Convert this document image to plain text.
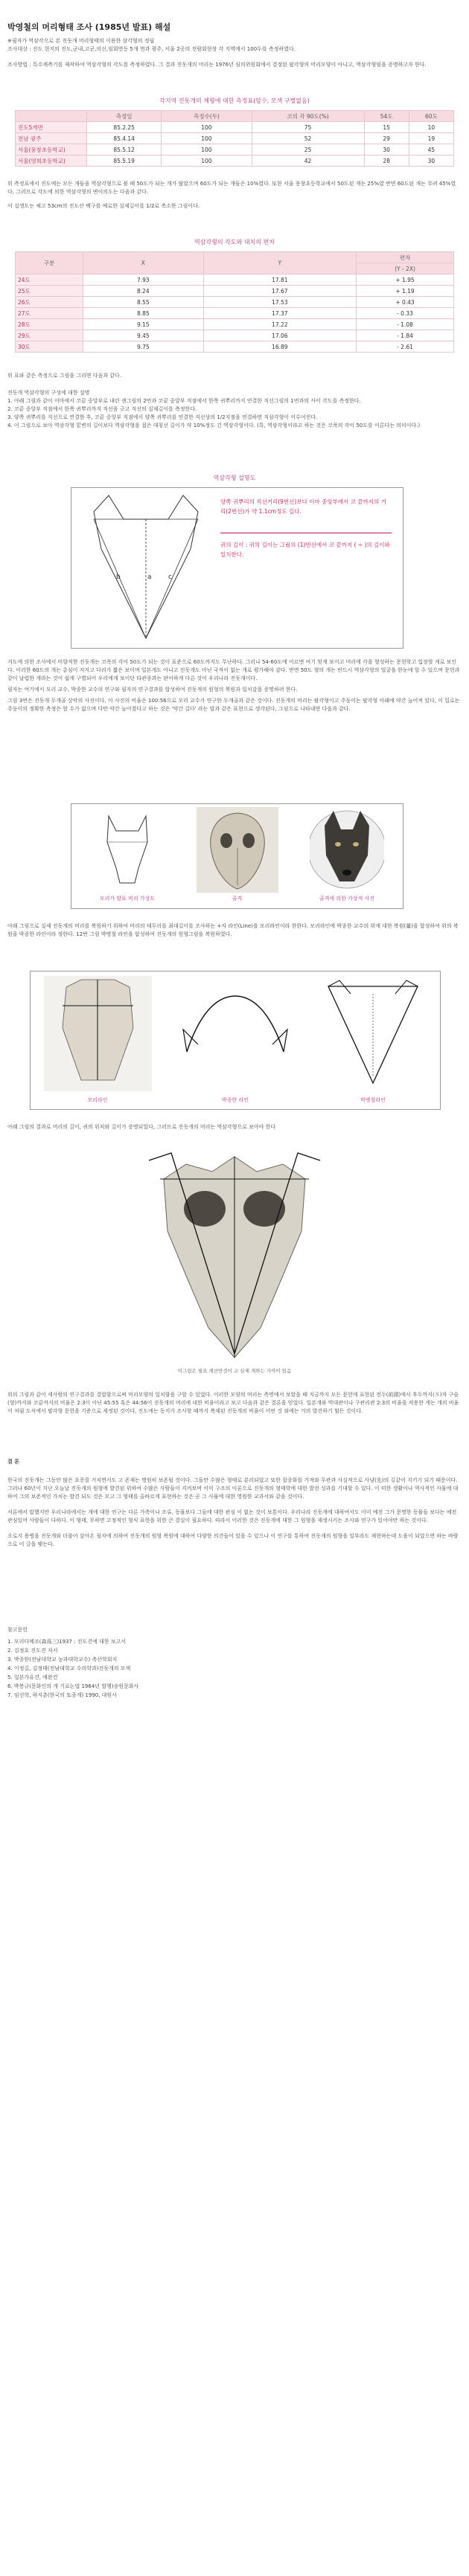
박영철의 머리형태 조사 (1985년 발표) 해설
※필자가 역삼각으로 본 진돗개 머리형태의 이용한 삼각형의 정립
조사대상 : 진도 현지의 진도,군내,고군,의신,임회면등 5개 면과 광주, 서울 2곳의 전람회현장 각 지역에서 100두를 측정하였다.
조사방법 : 특수계측기를 제작하여 역삼각형의 각도를 측정하였다. 그 결과 진돗개의 머리는 1976년 심의위원회에서 결정된 팔각형의 머리모양이 아니고, 역삼각형임을 증명하고자 한다.
각지역 진돗개의 체형에 대한 측정표(암수, 모색 구별없음)
	측정일	측정수(두)	코의 각 90도(%)	54도	60도
진도5개면	85.2.25	100	75	15	10
전남 광주	85.4.14	100	52	29	19
서울(풍창초등학교)	85.5.12	100	25	30	45
서울(영희초등학교)	85.5.19	100	42	28	30
위 측정표에서 진도에는 모든 개들을 역삼각형으로 볼 때 50도가 되는 개가 많았으며 60도가 되는 개들은 10%였다. 또한 서울 풍창초등학교에서 50도된 개는 25%였 반면 60도된 개는 무려 45%였다, 그러므로 각도에 의한 역삼각형의 변이의도는 다음과 같다.
이 실생도는 체고 53cm의 진도산 백구를 예로한 실제길이를 1/2로 축소한 그림이다.
역삼각형의 각도와 대치의 편차
구분	X	Y	편차
			(Y - 2X)
24도	7.93	17.81	+ 1.95
25도	8.24	17.67	+ 1.19
26도	8.55	17.53	+ 0.43
27도	8.85	17.37	- 0.33
28도	9.15	17.22	- 1.08
29도	9.45	17.06	- 1.84
30도	9.75	16.89	- 2.61
위 표와 같은 측정으로 그림을 그리면 다음과 같다.
진돗개 역삼각형의 구성에 대한 설명
1. 아래 그림과 같이 이마에서 코끝 중앙부로 내린 센그림의 2번과 코끝 중앙부 직점에서 한쪽 귀뿌리까지 연결한 직선그림의 1번과의 사이 각도를 측정한다.
2. 코끝 중앙부 직점에서 한쪽 귀뿌리까지 직선을 긋고 직선의 실제길이를 측정한다.
3. 양쪽 귀뿌리를 직선으로 연결한 후, 코끝 중앙부 직점에서 양쪽 귀뿌리를 연결한 직선상의 1/2지점을 연결하면 직삼각형이 이루어진다.
4. 이 그림으로 보아 역삼각형 밑변의 길이보다 역삼각형을 접은 대칭선 길이가 약 10%정도 긴 역삼각형이다. (특, 역삼각형이라고 하는 것은 코폭의 각이 50도를 이른다는 의미이다.)
역삼각형 설명도
a
b	c
양쪽 귀뿌리의 직선거리(9번선)보다 이마 중앙부에서 코 끝까지의 거리(2번선)가 약 1.1cm정도 길다.
귀의 길이 : 귀의 길이는 그림의 (1)번선에서 코 끝까지 ( ÷ )의 길이와 일치한다.
지도에 의한 조사에서 비향적한 진돗개는 코폭의 각이 50도가 되는 것이 표준으로 60도까지도 무난하다. 그러나 54-60도에 이르면 여기 맞게 보이고 머리에 각을 형성하는 문헌학고 입장할 게로 보인다. 이러한 60도의 개는 총심이 저지고 다리가 짧은 보이며 일본개도 아니고 진돗개도 아닌 국적이 없는 개로 평가해야 감다. 반면 50도 형의 개는 반드시 역삼각형의 얼굴을 한눈에 알 수 있으며 문헌과 같이 날렵한 개라는 것이 쉽게 구별되어 우리에게 보이던 타관종과는 판이하게 다른 것이 우리나라 진돗개이다.
필자는 여기에서 모리 교수, 박종한 교수의 연구와 필자의 연구결과를 합성하여 진돗개의 원형의 복원과 일치감을 증명하려 한다.
그림 3번은 진돗개 두개골 상악의 사진이다, 이 사진의 비율은 100:56으로 모리 교수가 연구한 두개골과 같은 것이다. 진돗개의 머리는 팔각형이고 주둥이는 팔각형 아래에 약간 늘어져 있다, 이 밀로는 주둥이의 정확한 측정은 할 수가 없으며 다만 약간 늘어졌다고 하는 것은 '약간 길다' 라는 말과 같은 표현으로 생각된다, 그림으로 나타내면 다음과 같다.
모리가 발표 머리 가상도	골격	골격에 의한 가상적 사진
아래 그림으로 실제 진돗개의 머리를 복원하기 위하여 머리의 테두리를 최대길이를 조사하는 +자 라인(Line)을 모리라인이라 한한다. 모리라인에 박종한 교수의 위에 대한 복원(量)을 합성하여 위의 복원을 박종한 라인이라 정한다. 12번 그림 박병철 라인을 합성하여 진돗개의 원형그림을 복원하였다.
모리라인	박종한 라인	박병철라인
아래 그림의 결과로 머리의 길이, 귀의 위치와 길이가 증명되었다, 그러므로 진돗개의 머리는 역삼각형으로 보아야 한다
이그림은 필요 계산만것이 고 실제 개와는 가까이 있음
위의 그림과 같이 세사람의 연구결과를 결합함으로써 머리모양의 일치함을 구할 수 있었다. 이러한 모양의 머리는 측면에서 보았을 때 지금까지 모든 문헌에 표현된 전두(前頭)에서 후두까지(Ｓ)자 구슬(형)까지와 코끝까지의 비율은 2:3이 아닌 45:55 혹은 44:56이 진돗개의 머리에 대한 비율이라고 보고 다음과 같은 결론을 얻었다. 일본개와 역대관이나 구관리관 2:3의 비율을 적용한 게는 개의 비율이 처럼 도식에서 팔각형 문헌을 기준으로 제정된 것이다, 진도에는 동지가 조사할 때까지 복제된 진돗개의 비율이 어떤 것 외에는 거의 발견하기 힘든 것이다.
결 론
한국의 진돗개는 그동안 많은 요증를 거치면서도 고 존재는 명원히 보존될 것이다. 그들만 수많은 형태로 분리되었고 또한 잡종화를 가져와 무관과 사실적으로 사냥(先)의 길같이 지키기 되기 때문이다. 그러나 60년이 지난 오늘날 진돗개의 원형에 발견된 위하여 수많은 사람들이 지켜보며 이미 구조의 이론으로 진돗개의 형태학에 대한 발전 성과를 기대할 수 있다. 이 떠한 생활이나 역사적인 사물에 대하여 그의 보존적인 가치는 발견 되도 것은 모고 그 형태를 올바르게 표현하는 것은 곧 그 사물에 대한 영원한 교과서와 같을 것이다.
서론에서 말했지만 우리나라에서는 개에 대한 연구는 다른 가축이나 조류, 동물보다 그들에 대한 관심 이 없는 것이 보통이다. 우리나라 진돗개에 대하여서도 이미 예전 그가 문명한 동물들 보다는 예전 관심있어 사람들이 다하다. 이 형태, 무하면 고정적인 형식 표현을 위한 큰 결실이 필요하다. 따라서 이러한 것은 진돗개에 대한 그 원형을 재생시키는 조사와 연구가 있어야만 하는 것이다.
오로지 용병을 진돗개와 더불어 살아온 필자에 의하여 진돗개의 원형 복원에 대하여 다양한 의견들이 있을 수 있으나 이 연구를 통하여 진돗개의 원형을 일부라도 재현하는데 도움이 되었으면 하는 바람으로 이 글을 맺는다.
참고문헌
1. 모리다메조(森爲三)1937 : 진도견에 대한 보고서
2. 김정호 진도견 저서
3. 박종한(전남대학교 농과대학교수) 축산학회지
4. 이정길, 김정태(전남대학교 수의학과)진돗개의 모색
5. 일본가유견, 애완견
6. 박봉규(문화인의 개 기료논법 1964년 발행)송원문화사
7. 임선학, 하지춘(한국의 토종개) 1990, 대원사
